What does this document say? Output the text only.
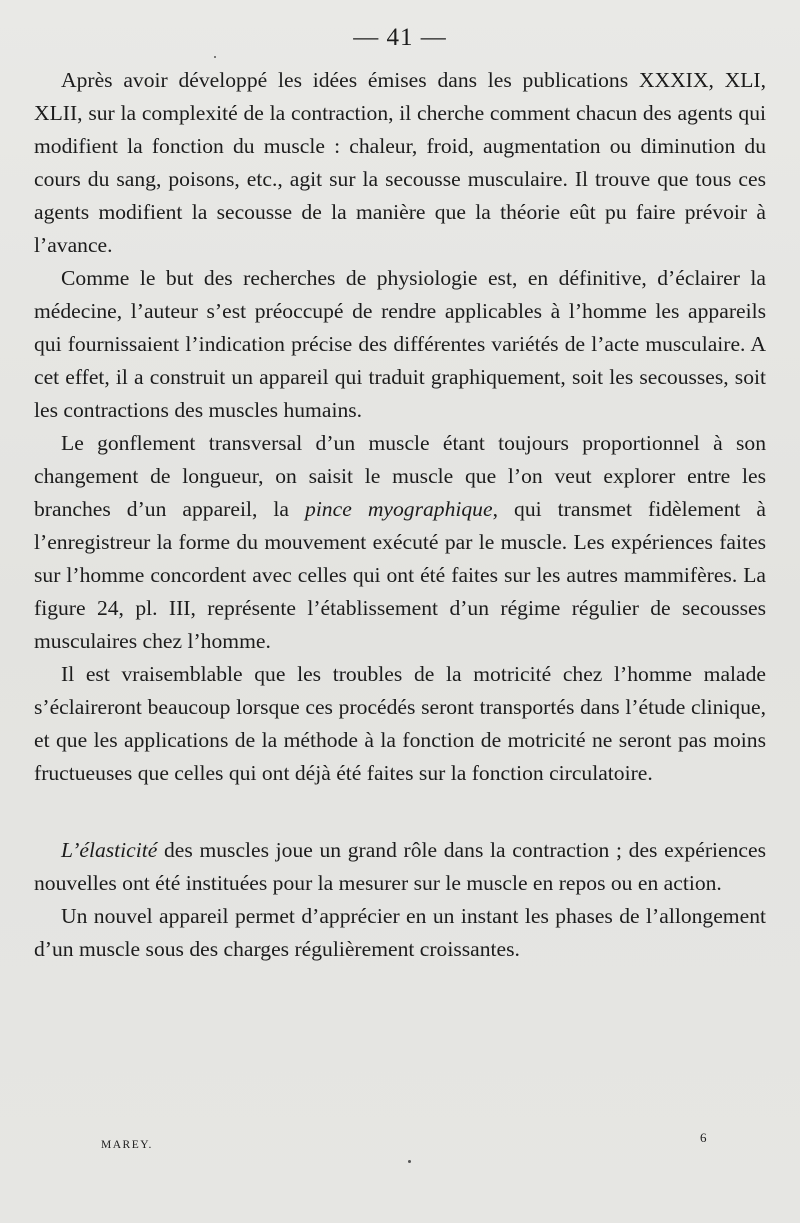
— 41 —

Après avoir développé les idées émises dans les publications XXXIX, XLI, XLII, sur la complexité de la contraction, il cherche comment chacun des agents qui modifient la fonction du muscle : chaleur, froid, augmentation ou diminution du cours du sang, poisons, etc., agit sur la secousse musculaire. Il trouve que tous ces agents modifient la secousse de la manière que la théorie eût pu faire prévoir à l’avance.

Comme le but des recherches de physiologie est, en définitive, d’éclairer la médecine, l’auteur s’est préoccupé de rendre applicables à l’homme les appareils qui fournissaient l’indication précise des différentes variétés de l’acte musculaire. A cet effet, il a construit un appareil qui traduit graphiquement, soit les secousses, soit les contractions des muscles humains.

Le gonflement transversal d’un muscle étant toujours proportionnel à son changement de longueur, on saisit le muscle que l’on veut explorer entre les branches d’un appareil, la pince myographique, qui transmet fidèlement à l’enregistreur la forme du mouvement exécuté par le muscle. Les expériences faites sur l’homme concordent avec celles qui ont été faites sur les autres mammifères. La figure 24, pl. III, représente l’établissement d’un régime régulier de secousses musculaires chez l’homme.

Il est vraisemblable que les troubles de la motricité chez l’homme malade s’éclaireront beaucoup lorsque ces procédés seront transportés dans l’étude clinique, et que les applications de la méthode à la fonction de motricité ne seront pas moins fructueuses que celles qui ont déjà été faites sur la fonction circulatoire.

L’élasticité des muscles joue un grand rôle dans la contraction ; des expériences nouvelles ont été instituées pour la mesurer sur le muscle en repos ou en action.

Un nouvel appareil permet d’apprécier en un instant les phases de l’allongement d’un muscle sous des charges régulièrement croissantes.

MAREY.	6
